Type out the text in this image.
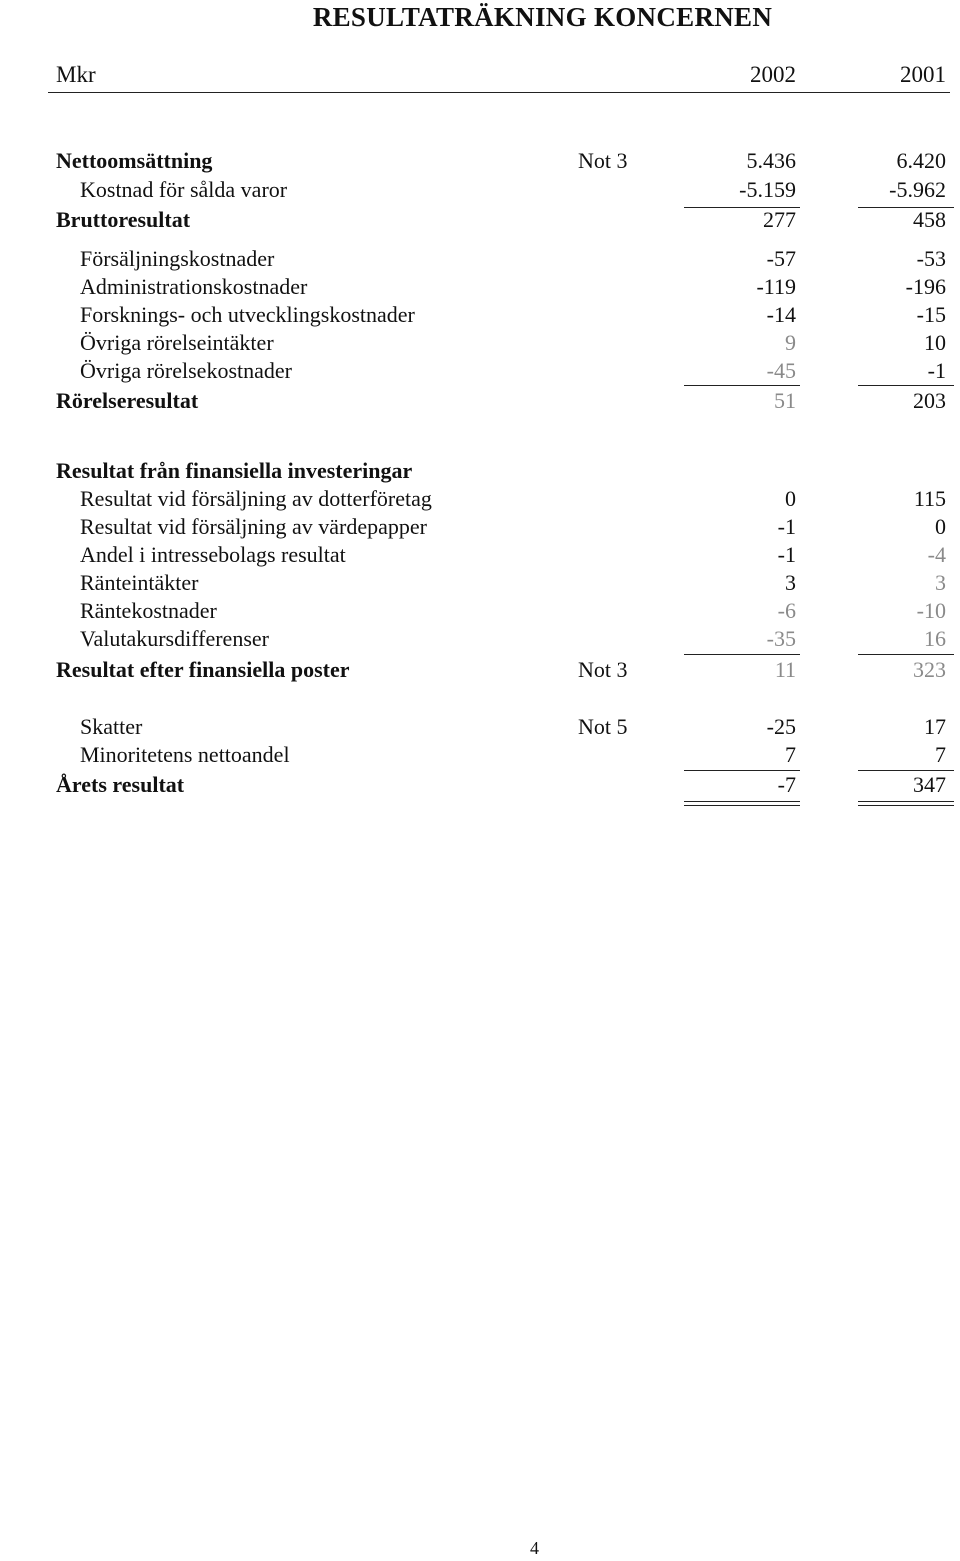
RESULTATRÄKNING KONCERNEN
Mkr	2002	2001
Nettoomsättning	Not 3	5.436	6.420
Kostnad för sålda varor	-5.159	-5.962
Bruttoresultat	277	458
Försäljningskostnader	-57	-53
Administrationskostnader	-119	-196
Forsknings- och utvecklingskostnader	-14	-15
Övriga rörelseintäkter	9	10
Övriga rörelsekostnader	-45	-1
Rörelseresultat	51	203
Resultat från finansiella investeringar
Resultat vid försäljning av dotterföretag	0	115
Resultat vid försäljning av värdepapper	-1	0
Andel i intressebolags resultat	-1	-4
Ränteintäkter	3	3
Räntekostnader	-6	-10
Valutakursdifferenser	-35	16
Resultat efter finansiella poster	Not 3	11	323
Skatter	Not 5	-25	17
Minoritetens nettoandel	7	7
Årets resultat	-7	347
4
